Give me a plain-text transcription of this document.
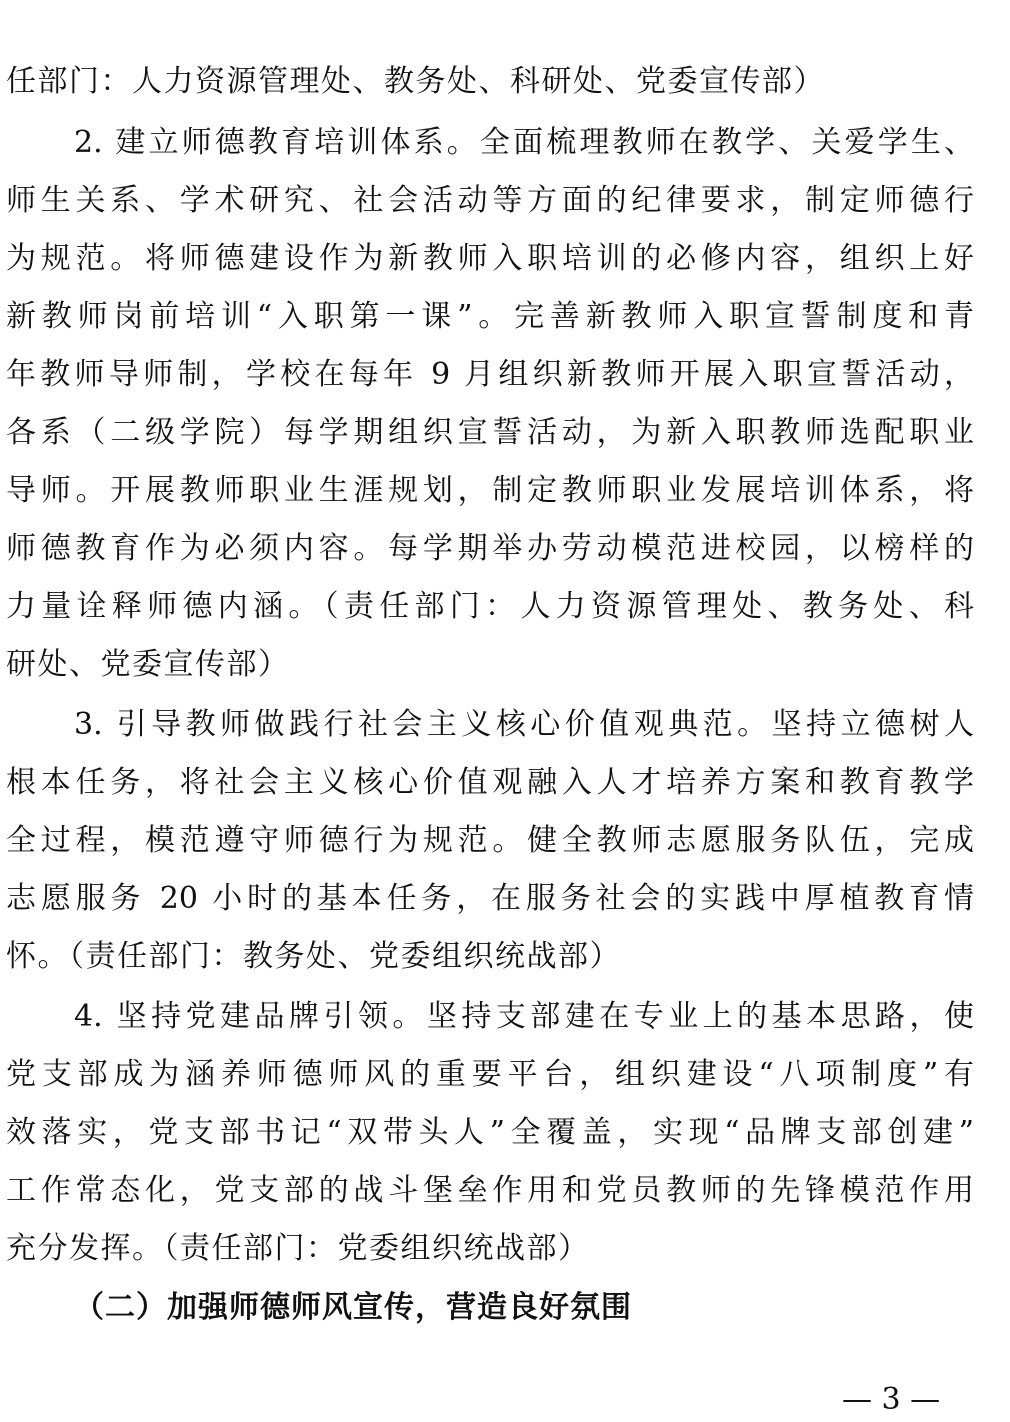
任部门：人力资源管理处、教务处、科研处、党委宣传部）
2. 建立师德教育培训体系。全面梳理教师在教学、关爱学生、
师生关系、学术研究、社会活动等方面的纪律要求，制定师德行
为规范。将师德建设作为新教师入职培训的必修内容，组织上好
新教师岗前培训“入职第一课”。完善新教师入职宣誓制度和青
年教师导师制，学校在每年 9 月组织新教师开展入职宣誓活动，
各系（二级学院）每学期组织宣誓活动，为新入职教师选配职业
导师。开展教师职业生涯规划，制定教师职业发展培训体系，将
师德教育作为必须内容。每学期举办劳动模范进校园，以榜样的
力量诠释师德内涵。（责任部门：人力资源管理处、教务处、科
研处、党委宣传部）
3. 引导教师做践行社会主义核心价值观典范。坚持立德树人
根本任务，将社会主义核心价值观融入人才培养方案和教育教学
全过程，模范遵守师德行为规范。健全教师志愿服务队伍，完成
志愿服务 20 小时的基本任务，在服务社会的实践中厚植教育情
怀。（责任部门：教务处、党委组织统战部）
4. 坚持党建品牌引领。坚持支部建在专业上的基本思路，使
党支部成为涵养师德师风的重要平台，组织建设“八项制度”有
效落实，党支部书记“双带头人”全覆盖，实现“品牌支部创建”
工作常态化，党支部的战斗堡垒作用和党员教师的先锋模范作用
充分发挥。（责任部门：党委组织统战部）
（二）加强师德师风宣传，营造良好氛围
— 3 —
